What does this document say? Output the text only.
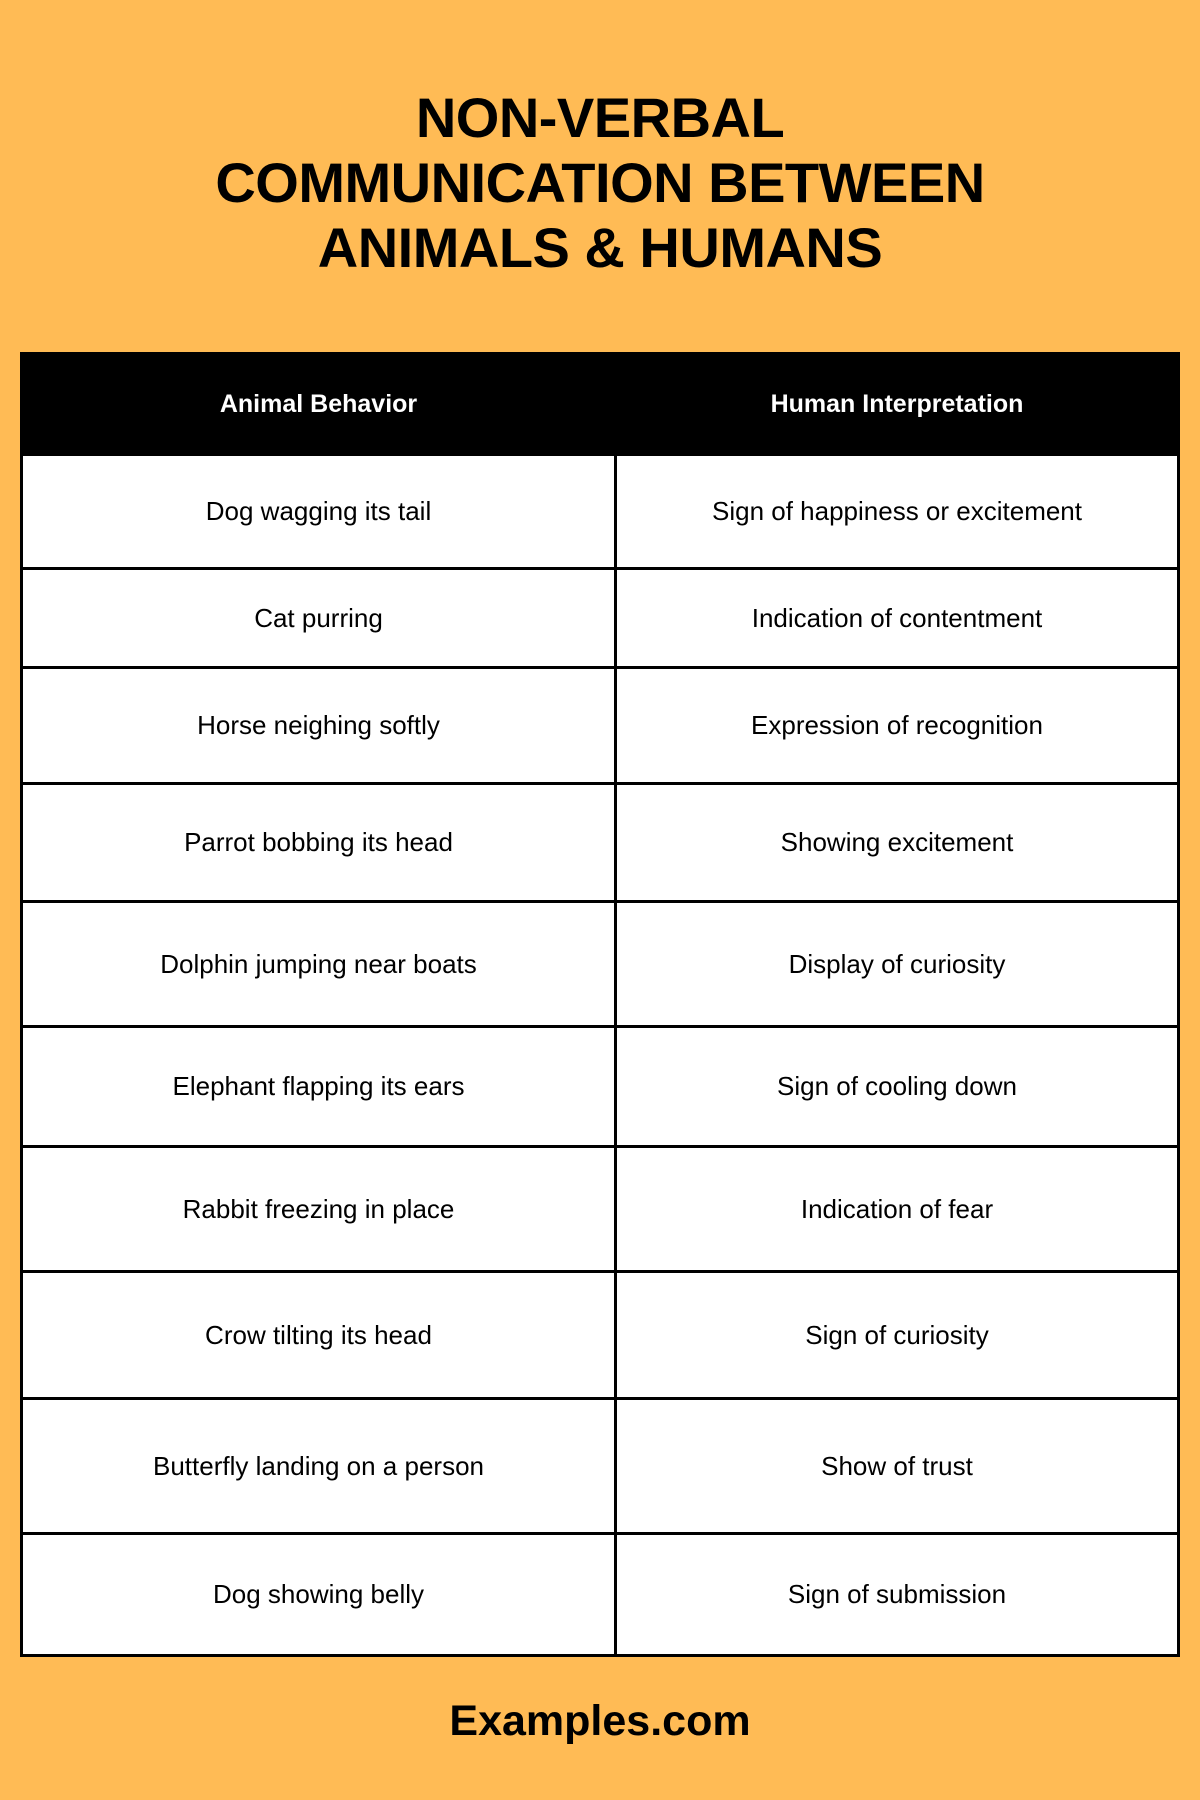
NON-VERBAL
COMMUNICATION BETWEEN
ANIMALS & HUMANS
Animal Behavior	Human Interpretation
Dog wagging its tail	Sign of happiness or excitement
Cat purring	Indication of contentment
Horse neighing softly	Expression of recognition
Parrot bobbing its head	Showing excitement
Dolphin jumping near boats	Display of curiosity
Elephant flapping its ears	Sign of cooling down
Rabbit freezing in place	Indication of fear
Crow tilting its head	Sign of curiosity
Butterfly landing on a person	Show of trust
Dog showing belly	Sign of submission
Examples.com
